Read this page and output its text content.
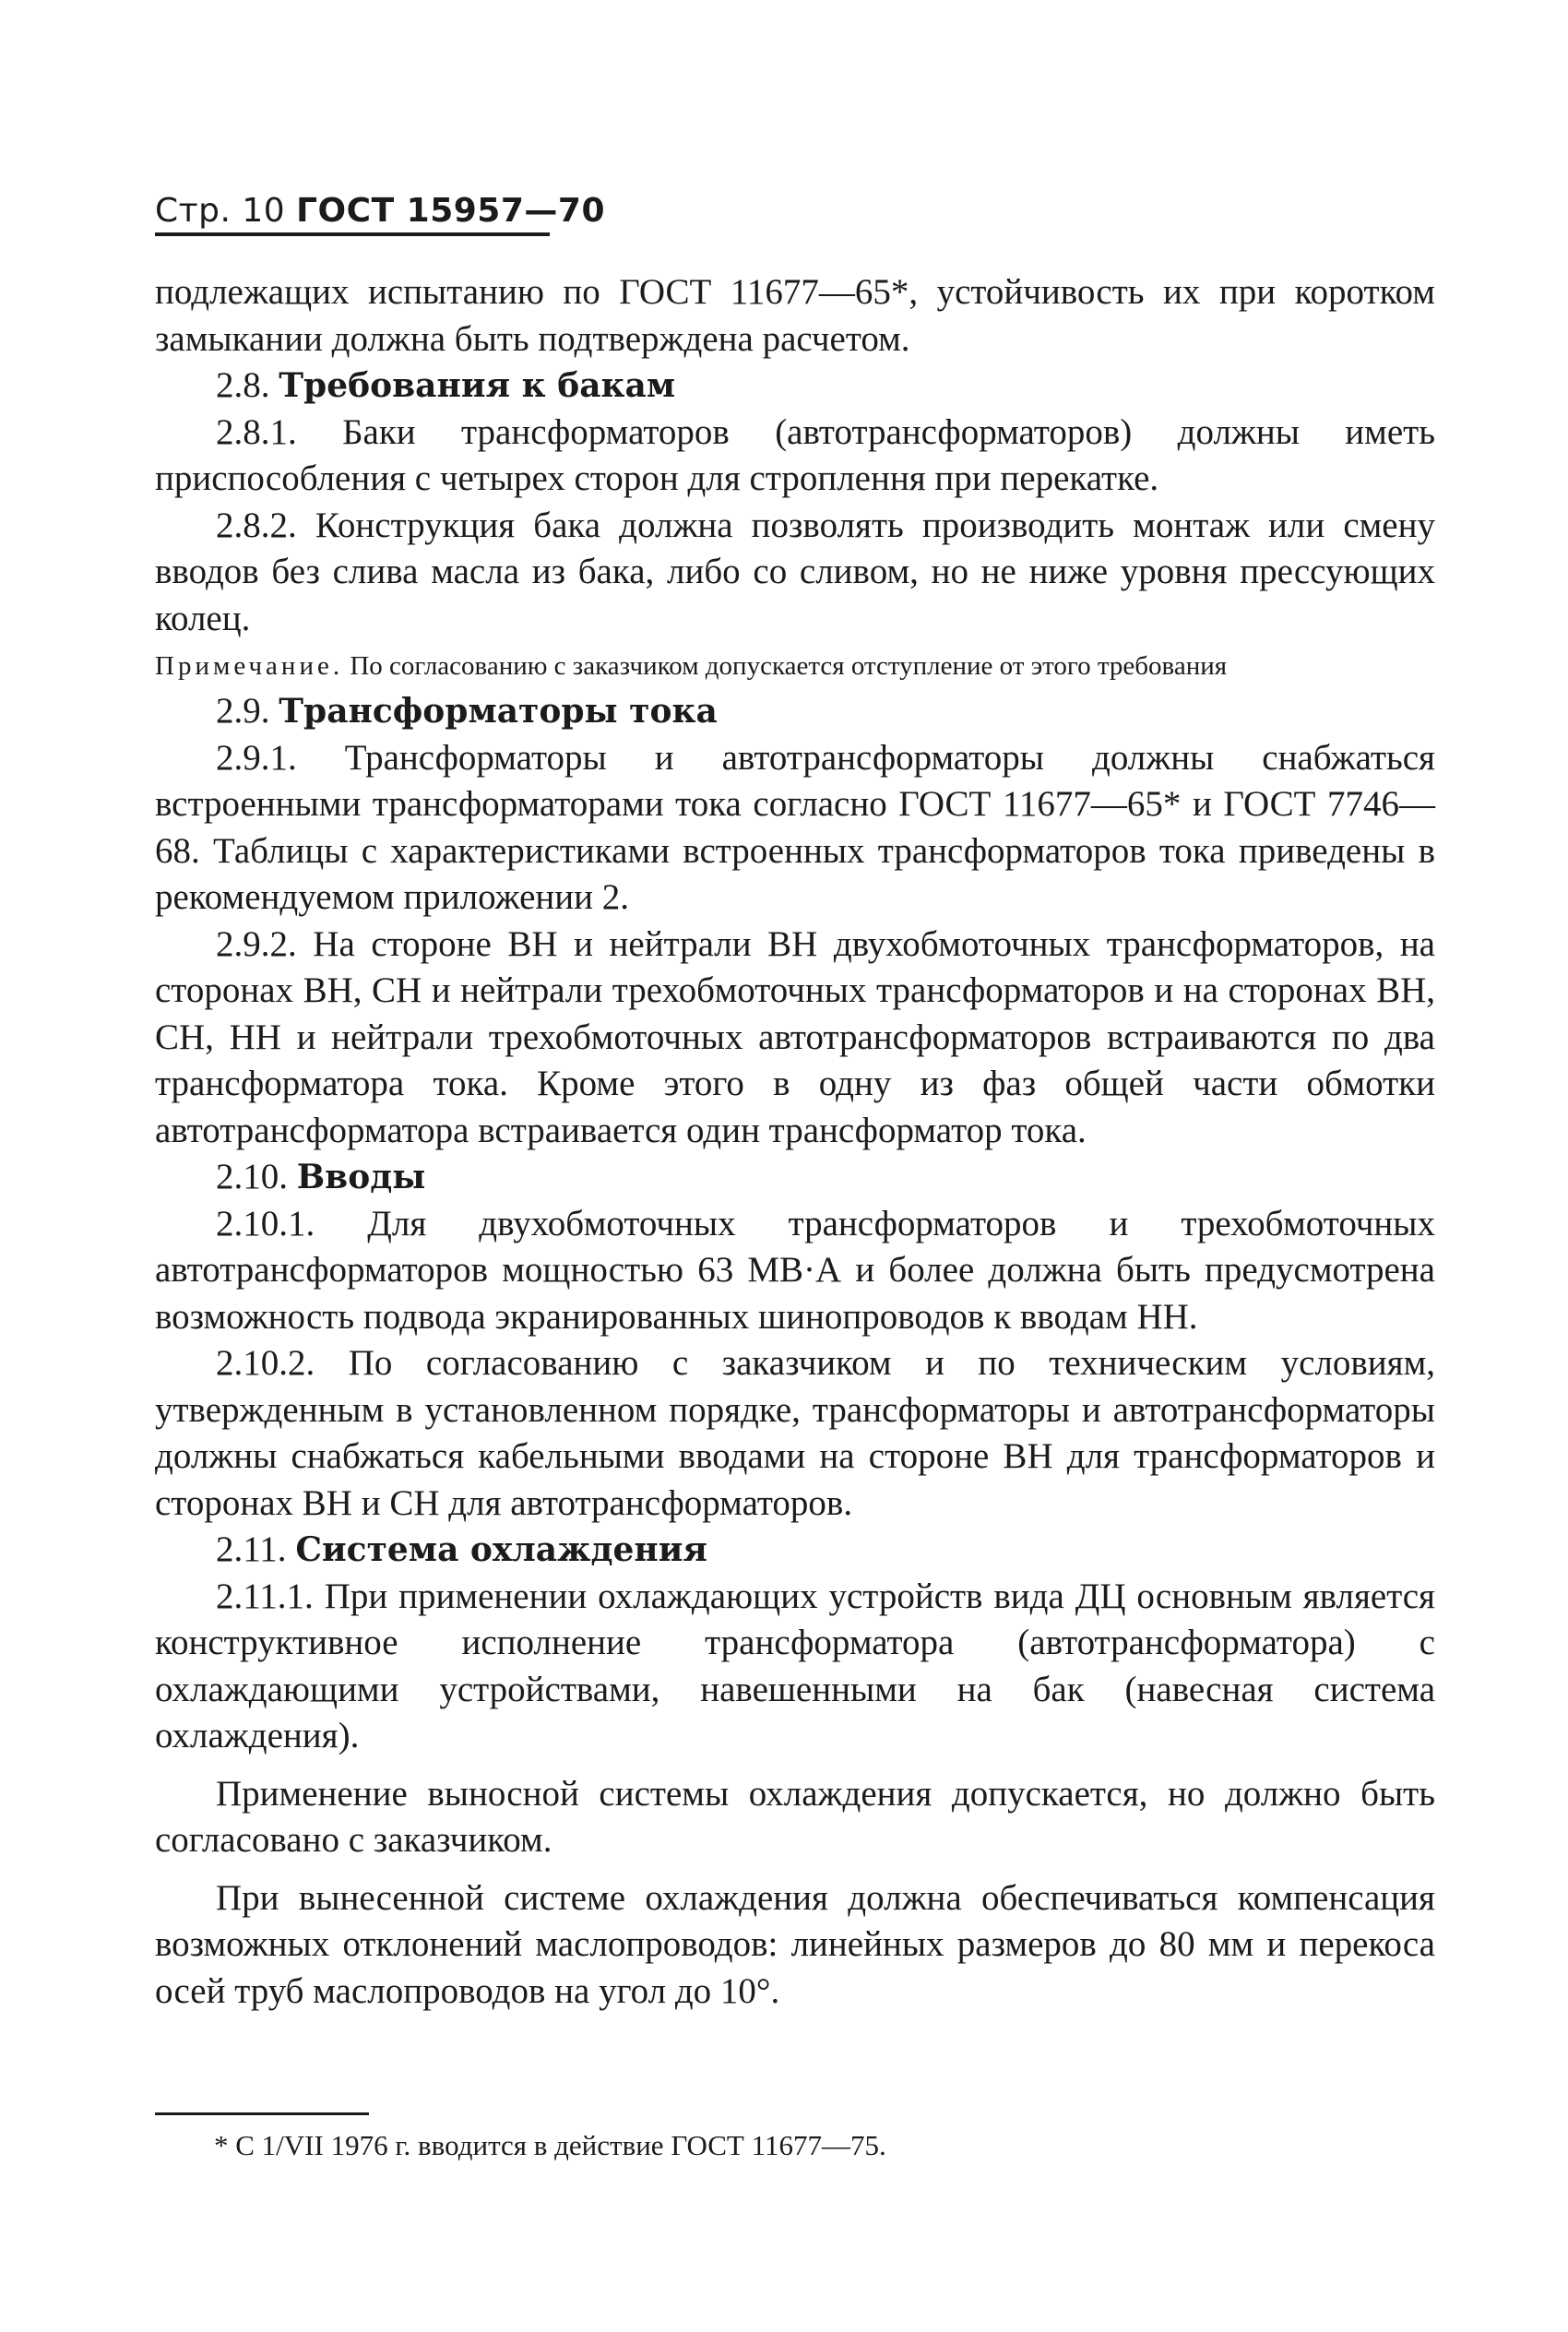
Стр. 10 ГОСТ 15957—70

подлежащих испытанию по ГОСТ 11677—65*, устойчивость их при коротком замыкании должна быть подтверждена расчетом.

2.8. Требования к бакам

2.8.1. Баки трансформаторов (автотрансформаторов) должны иметь приспособления с четырех сторон для строплення при перекатке.

2.8.2. Конструкция бака должна позволять производить монтаж или смену вводов без слива масла из бака, либо со сливом, но не ниже уровня прессующих колец.

Примечание. По согласованию с заказчиком допускается отступление от этого требования

2.9. Трансформаторы тока

2.9.1. Трансформаторы и автотрансформаторы должны снабжаться встроенными трансформаторами тока согласно ГОСТ 11677—65* и ГОСТ 7746—68. Таблицы с характеристиками встроенных трансформаторов тока приведены в рекомендуемом приложении 2.

2.9.2. На стороне ВН и нейтрали ВН двухобмоточных трансформаторов, на сторонах ВН, СН и нейтрали трехобмоточных трансформаторов и на сторонах ВН, СН, НН и нейтрали трехобмоточных автотрансформаторов встраиваются по два трансформатора тока. Кроме этого в одну из фаз общей части обмотки автотрансформатора встраивается один трансформатор тока.

2.10. Вводы

2.10.1. Для двухобмоточных трансформаторов и трехобмоточных автотрансформаторов мощностью 63 МВ·А и более должна быть предусмотрена возможность подвода экранированных шинопроводов к вводам НН.

2.10.2. По согласованию с заказчиком и по техническим условиям, утвержденным в установленном порядке, трансформаторы и автотрансформаторы должны снабжаться кабельными вводами на стороне ВН для трансформаторов и сторонах ВН и СН для автотрансформаторов.

2.11. Система охлаждения

2.11.1. При применении охлаждающих устройств вида ДЦ основным является конструктивное исполнение трансформатора (автотрансформатора) с охлаждающими устройствами, навешенными на бак (навесная система охлаждения).

Применение выносной системы охлаждения допускается, но должно быть согласовано с заказчиком.

При вынесенной системе охлаждения должна обеспечиваться компенсация возможных отклонений маслопроводов: линейных размеров до 80 мм и перекоса осей труб маслопроводов на угол до 10°.

* С 1/VII 1976 г. вводится в действие ГОСТ 11677—75.
